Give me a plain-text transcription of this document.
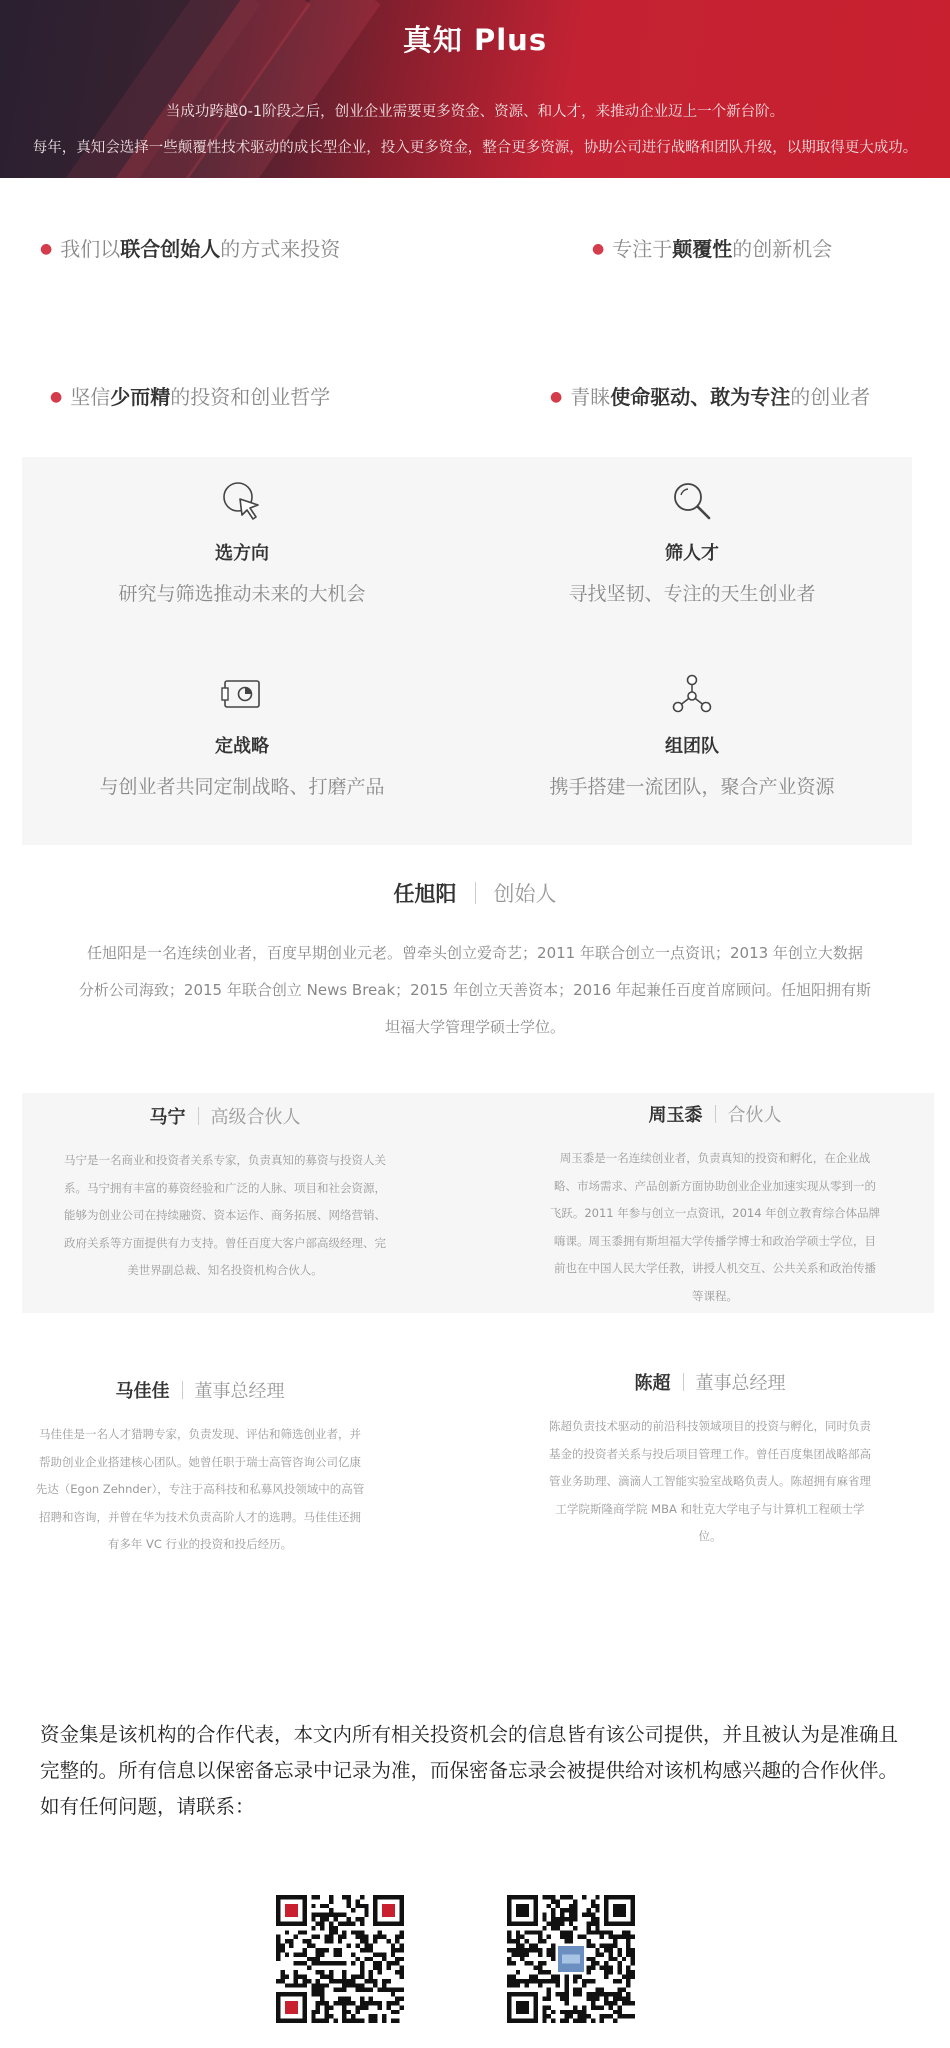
真知 Plus
当成功跨越0-1阶段之后，创业企业需要更多资金、资源、和人才，来推动企业迈上一个新台阶。
每年，真知会选择一些颠覆性技术驱动的成长型企业，投入更多资金，整合更多资源，协助公司进行战略和团队升级，以期取得更大成功。
● 我们以联合创始人的方式来投资	● 专注于颠覆性的创新机会
● 坚信少而精的投资和创业哲学	● 青睐使命驱动、敢为专注的创业者
选方向
研究与筛选推动未来的大机会
筛人才
寻找坚韧、专注的天生创业者
定战略
与创业者共同定制战略、打磨产品
组团队
携手搭建一流团队，聚合产业资源
任旭阳 创始人
任旭阳是一名连续创业者，百度早期创业元老。曾牵头创立爱奇艺；2011 年联合创立一点资讯；2013 年创立大数据
分析公司海致；2015 年联合创立 News Break；2015 年创立天善资本；2016 年起兼任百度首席顾问。任旭阳拥有斯
坦福大学管理学硕士学位。
马宁 高级合伙人
马宁是一名商业和投资者关系专家，负责真知的募资与投资人关
系。马宁拥有丰富的募资经验和广泛的人脉、项目和社会资源，
能够为创业公司在持续融资、资本运作、商务拓展、网络营销、
政府关系等方面提供有力支持。曾任百度大客户部高级经理、完
美世界副总裁、知名投资机构合伙人。
周玉黍 合伙人
周玉黍是一名连续创业者，负责真知的投资和孵化，在企业战
略、市场需求、产品创新方面协助创业企业加速实现从零到一的
飞跃。2011 年参与创立一点资讯，2014 年创立教育综合体品牌
嗨课。周玉黍拥有斯坦福大学传播学博士和政治学硕士学位，目
前也在中国人民大学任教，讲授人机交互、公共关系和政治传播
等课程。
马佳佳 董事总经理
马佳佳是一名人才猎聘专家，负责发现、评估和筛选创业者，并
帮助创业企业搭建核心团队。她曾任职于瑞士高管咨询公司亿康
先达（Egon Zehnder），专注于高科技和私募风投领域中的高管
招聘和咨询，并曾在华为技术负责高阶人才的选聘。马佳佳还拥
有多年 VC 行业的投资和投后经历。
陈超 董事总经理
陈超负责技术驱动的前沿科技领域项目的投资与孵化，同时负责
基金的投资者关系与投后项目管理工作。曾任百度集团战略部高
管业务助理、滴滴人工智能实验室战略负责人。陈超拥有麻省理
工学院斯隆商学院 MBA 和牡克大学电子与计算机工程硕士学
位。
资金集是该机构的合作代表，本文内所有相关投资机会的信息皆有该公司提供，并且被认为是准确且
完整的。所有信息以保密备忘录中记录为准，而保密备忘录会被提供给对该机构感兴趣的合作伙伴。
如有任何问题，请联系：
